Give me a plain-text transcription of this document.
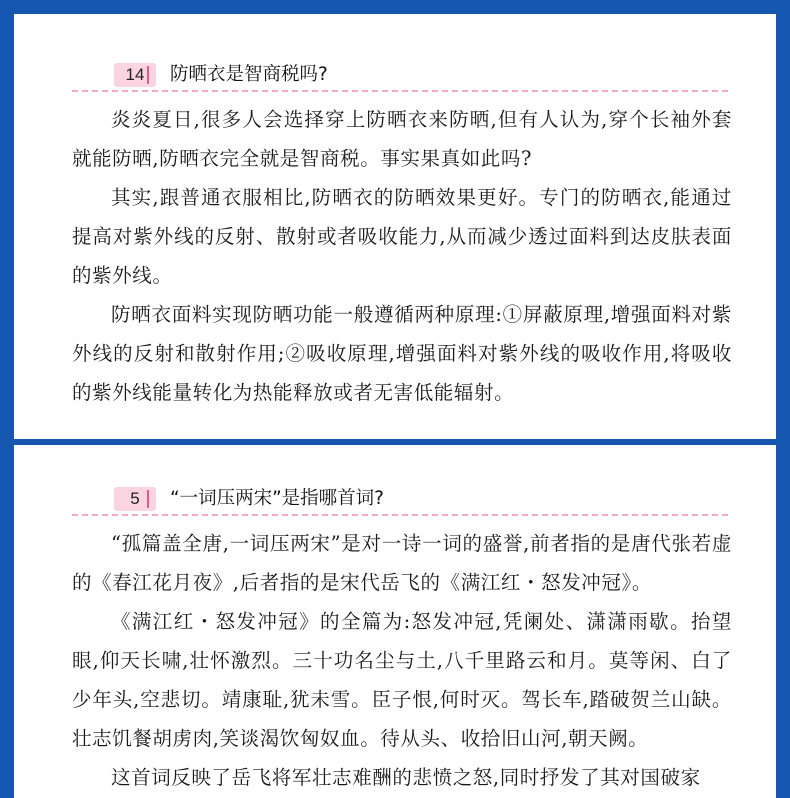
14	防晒衣是智商税吗?

炎炎夏日,很多人会选择穿上防晒衣来防晒,但有人认为,穿个长袖外套就能防晒,防晒衣完全就是智商税。事实果真如此吗?

其实,跟普通衣服相比,防晒衣的防晒效果更好。专门的防晒衣,能通过提高对紫外线的反射、散射或者吸收能力,从而减少透过面料到达皮肤表面的紫外线。

防晒衣面料实现防晒功能一般遵循两种原理:①屏蔽原理,增强面料对紫外线的反射和散射作用;②吸收原理,增强面料对紫外线的吸收作用,将吸收的紫外线能量转化为热能释放或者无害低能辐射。

5	“一词压两宋”是指哪首词?

“孤篇盖全唐,一词压两宋”是对一诗一词的盛誉,前者指的是唐代张若虚的《春江花月夜》,后者指的是宋代岳飞的《满江红・怒发冲冠》。

《满江红・怒发冲冠》的全篇为:怒发冲冠,凭阑处、潇潇雨歇。抬望眼,仰天长啸,壮怀激烈。三十功名尘与土,八千里路云和月。莫等闲、白了少年头,空悲切。靖康耻,犹未雪。臣子恨,何时灭。驾长车,踏破贺兰山缺。壮志饥餐胡虏肉,笑谈渴饮匈奴血。待从头、收拾旧山河,朝天阙。

这首词反映了岳飞将军壮志难酬的悲愤之怒,同时抒发了其对国破家
